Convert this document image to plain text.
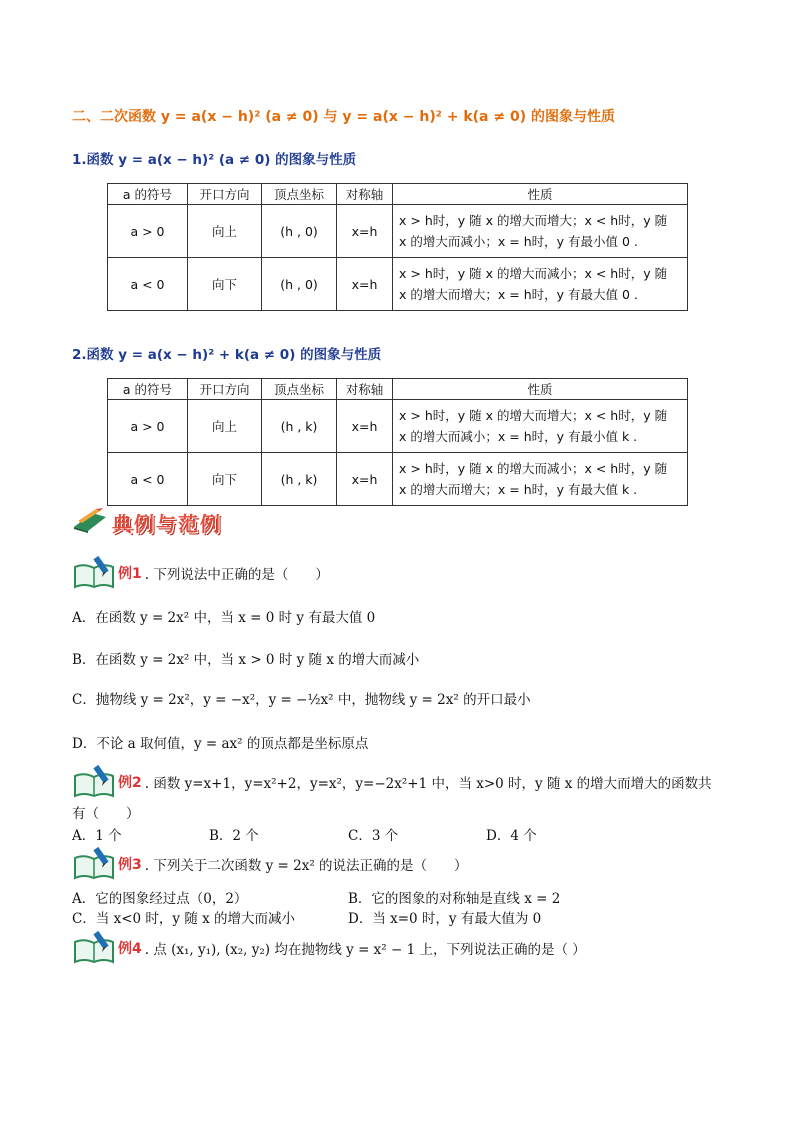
二、二次函数 y = a(x − h)² (a ≠ 0) 与 y = a(x − h)² + k(a ≠ 0) 的图象与性质
1.函数 y = a(x − h)² (a ≠ 0) 的图象与性质
a 的符号	开口方向	顶点坐标	对称轴	性质
a > 0	向上	(h , 0)	x=h	x > h时，y 随 x 的增大而增大；x < h时，y 随
x 的增大而减小；x = h时，y 有最小值 0 .

a < 0	向下	(h , 0)	x=h	x > h时，y 随 x 的增大而减小；x < h时，y 随
x 的增大而增大；x = h时，y 有最大值 0 .
2.函数 y = a(x − h)² + k(a ≠ 0) 的图象与性质
a 的符号	开口方向	顶点坐标	对称轴	性质
a > 0	向上	(h , k)	x=h	x > h时，y 随 x 的增大而增大；x < h时，y 随
x 的增大而减小；x = h时，y 有最小值 k .

a < 0	向下	(h , k)	x=h	x > h时，y 随 x 的增大而减小；x < h时，y 随
x 的增大而增大；x = h时，y 有最大值 k .
典例与范例
例1 . 下列说法中正确的是（　　）
A．在函数 y = 2x² 中，当 x = 0 时 y 有最大值 0
B．在函数 y = 2x² 中，当 x > 0 时 y 随 x 的增大而减小
C．抛物线 y = 2x²，y = −x²，y = −½x² 中，抛物线 y = 2x² 的开口最小
D．不论 a 取何值，y = ax² 的顶点都是坐标原点
例2 . 函数 y=x+1，y=x²+2，y=x²，y=−2x²+1 中，当 x>0 时，y 随 x 的增大而增大的函数共
有（　　）
A．1 个	B．2 个	C．3 个	D．4 个
例3 . 下列关于二次函数 y = 2x² 的说法正确的是（　　）
A．它的图象经过点（0，2）	B．它的图象的对称轴是直线 x = 2
C．当 x<0 时，y 随 x 的增大而减小	D．当 x=0 时，y 有最大值为 0
例4 . 点 (x₁, y₁), (x₂, y₂) 均在抛物线 y = x² − 1 上，下列说法正确的是（ ）
